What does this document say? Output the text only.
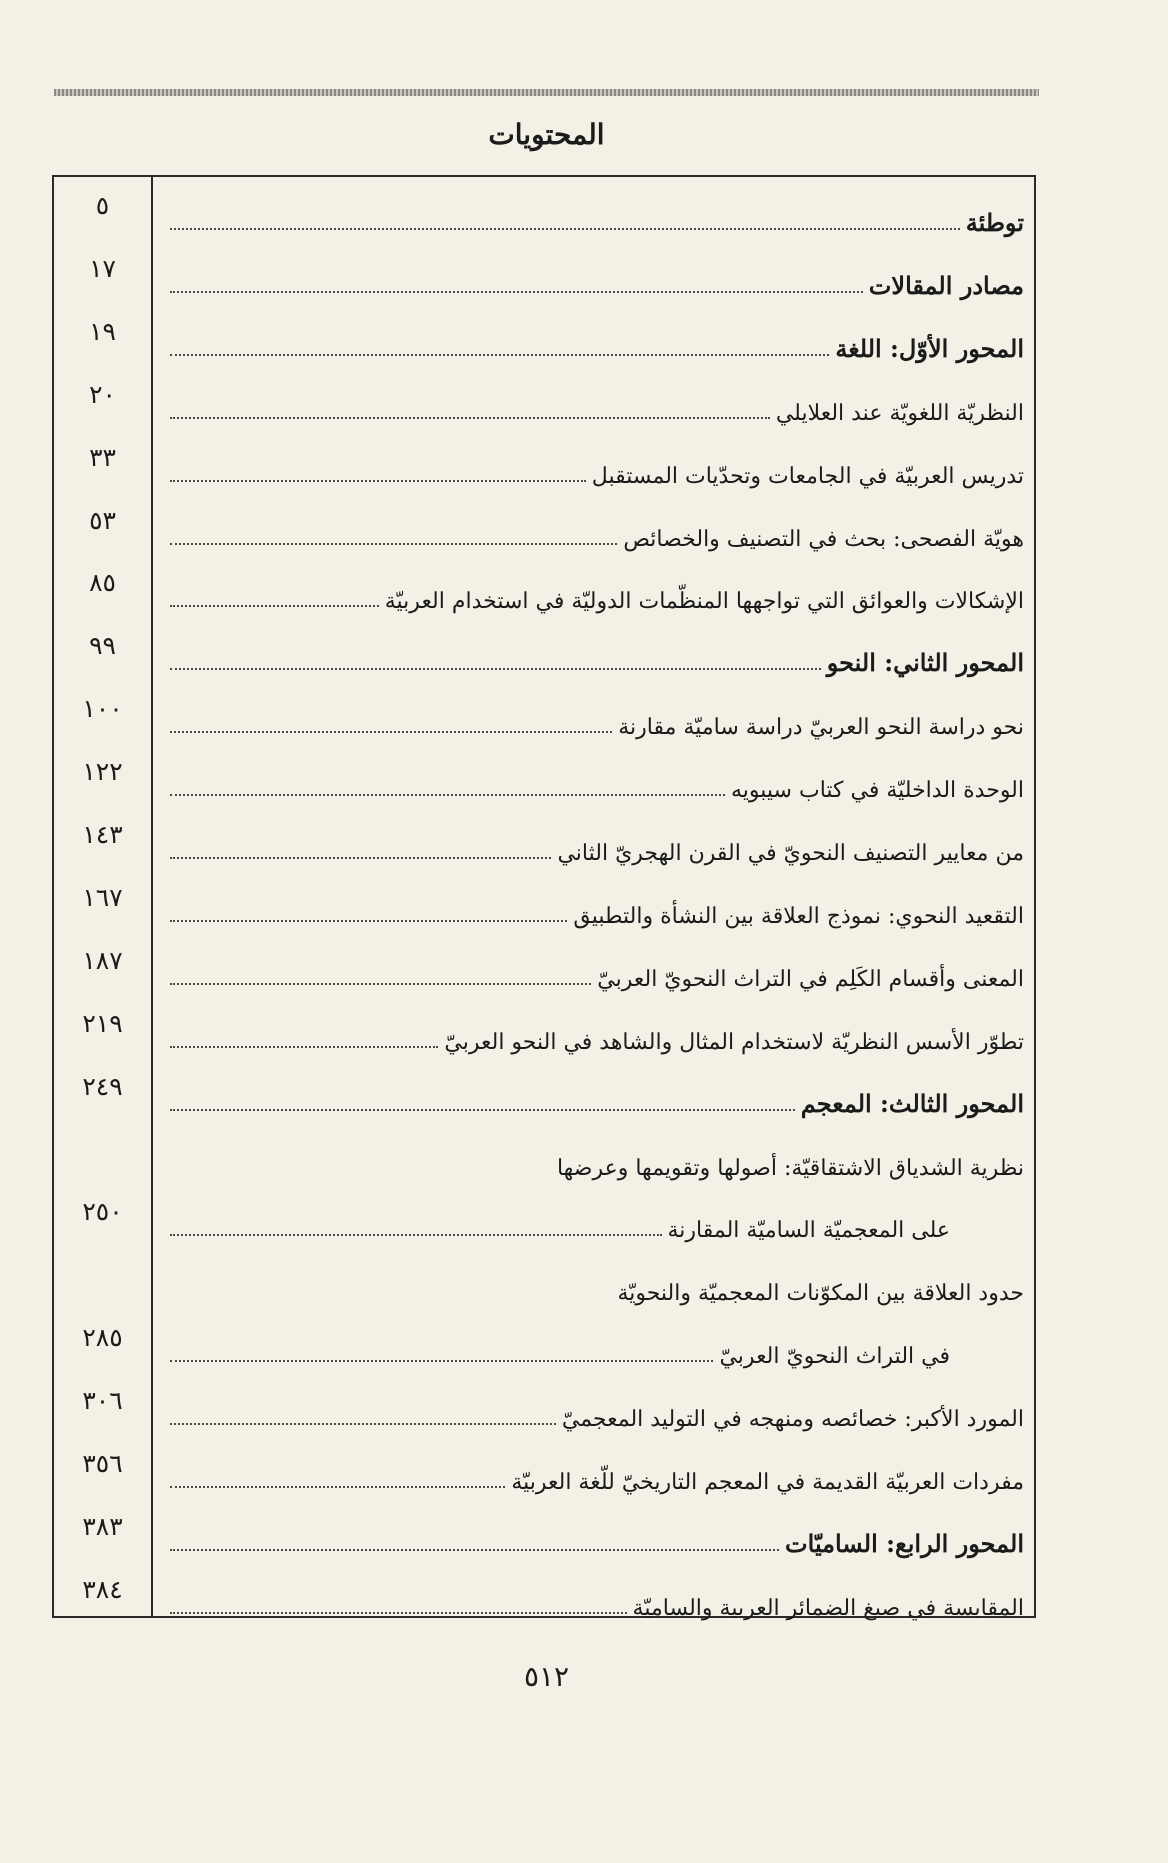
المحتويات
٥
توطئة
١٧
مصادر المقالات
١٩
المحور الأوّل: اللغة
٢٠
النظريّة اللغويّة عند العلايلي
٣٣
تدريس العربيّة في الجامعات وتحدّيات المستقبل
٥٣
هويّة الفصحى: بحث في التصنيف والخصائص
٨٥
الإشكالات والعوائق التي تواجهها المنظّمات الدوليّة في استخدام العربيّة
٩٩
المحور الثاني: النحو
١٠٠
نحو دراسة النحو العربيّ دراسة ساميّة مقارنة
١٢٢
الوحدة الداخليّة في كتاب سيبويه
١٤٣
من معايير التصنيف النحويّ في القرن الهجريّ الثاني
١٦٧
التقعيد النحوي: نموذج العلاقة بين النشأة والتطبيق
١٨٧
المعنى وأقسام الكَلِم في التراث النحويّ العربيّ
٢١٩
تطوّر الأسس النظريّة لاستخدام المثال والشاهد في النحو العربيّ
٢٤٩
المحور الثالث: المعجم
نظرية الشدياق الاشتقاقيّة: أصولها وتقويمها وعرضها
٢٥٠
على المعجميّة الساميّة المقارنة
حدود العلاقة بين المكوّنات المعجميّة والنحويّة
٢٨٥
في التراث النحويّ العربيّ
٣٠٦
المورد الأكبر: خصائصه ومنهجه في التوليد المعجميّ
٣٥٦
مفردات العربيّة القديمة في المعجم التاريخيّ للّغة العربيّة
٣٨٣
المحور الرابع: الساميّات
٣٨٤
المقايسة في صيغ الضمائر العربية والساميّة
٥١٢
